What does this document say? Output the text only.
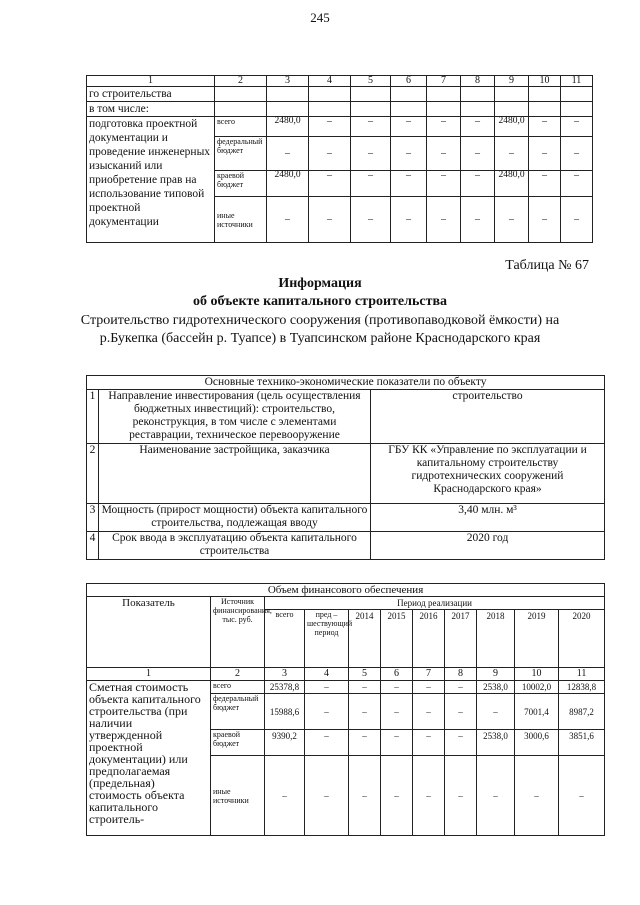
245
1	2	3	4	5	6	7	8	9	10	11
го строительства										
в том числе:										
подготовка проектной документации и проведение инженерных изысканий или приобретение прав на использование типовой проектной документации	всего	2480,0	–	–	–	–	–	2480,0	–	–
	федеральный бюджет	–	–	–	–	–	–	–	–	–
	краевой бюджет	2480,0	–	–	–	–	–	2480,0	–	–
	иные источники	–	–	–	–	–	–	–	–	–
Таблица № 67
Информация
об объекте капитального строительства
Строительство гидротехнического сооружения (противопаводковой ёмкости) на р.Букепка (бассейн р. Туапсе) в Туапсинском районе Краснодарского края
Основные технико-экономические показатели по объекту		
1	Направление инвестирования (цель осуществления бюджетных инвестиций): строительство, реконструкция, в том числе с элементами реставрации, техническое перевооружение	строительство
2	Наименование застройщика, заказчика	ГБУ КК «Управление по эксплуатации и капитальному строительству гидротехнических сооружений Краснодарского края»
3	Мощность (прирост мощности) объекта капитального строительства, подлежащая вводу	3,40 млн. м³
4	Срок ввода в эксплуатацию объекта капитального строительства	2020 год
Объем финансового обеспечения										
Показатель	Источник финансирования, тыс. руб.	Период реализации								
		всего	пред – шествующий период	2014	2015	2016	2017	2018	2019	2020
1	2	3	4	5	6	7	8	9	10	11
Сметная стоимость объекта капитального строительства (при наличии утвержденной проектной документации) или предполагаемая (предельная) стоимость объекта капитального строитель-	всего	25378,8	–	–	–	–	–	2538,0	10002,0	12838,8
	федеральный бюджет	15988,6	–	–	–	–	–	–	7001,4	8987,2
	краевой бюджет	9390,2	–	–	–	–	–	2538,0	3000,6	3851,6
	иные источники	–	–	–	–	–	–	–	–	–
